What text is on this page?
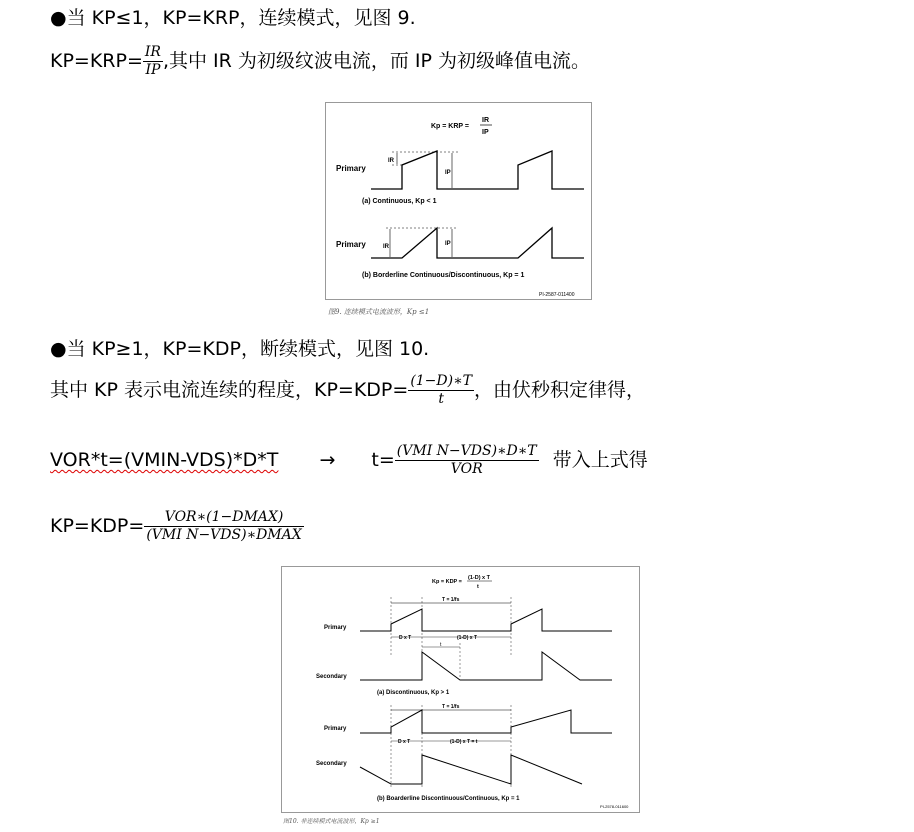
●当 KP≤1，KP=KRP，连续模式，见图 9.
$KP=KRP= \frac{IR}{IP}$ ,其中 IR 为初级纹波电流，而 IP 为初级峰值电流。
Kp = KRP =
IR
IP
Primary
IR
IP
(a) Continuous, Kp < 1
Primary	IR	IP
(b) Borderline Continuous/Discontinuous, Kp = 1
PI-2587-011400
图9. 连续模式电流波形，Kp ≤1
●当 KP≥1，KP=KDP，断续模式，见图 10.
其中 KP 表示电流连续的程度，$KP=KDP= \frac{(1-D)∗T}{t}$ ，由伏秒积定律得，
VOR*t=(VMIN-VDS)*D*T → $t= \frac{\text{(VMI N−VDS)∗D∗T}}{\text{VOR}}$ 带入上式得
$KP=KDP= \frac{\text{VOR∗(1−DMAX)}}{\text{(VMI N−VDS)∗DMAX}}$
Kp = KDP =
(1-D) x T
t
T = 1/fs
Primary
D x T	(1-D) x T
t
Secondary
(a) Discontinuous, Kp > 1
T = 1/fs
Primary
D x T	(1-D) x T = t
Secondary
(b) Boarderline Discontinuous/Continuous, Kp = 1
PI-2578-011600
图10. 非连续模式电流波形，Kp ≥1
